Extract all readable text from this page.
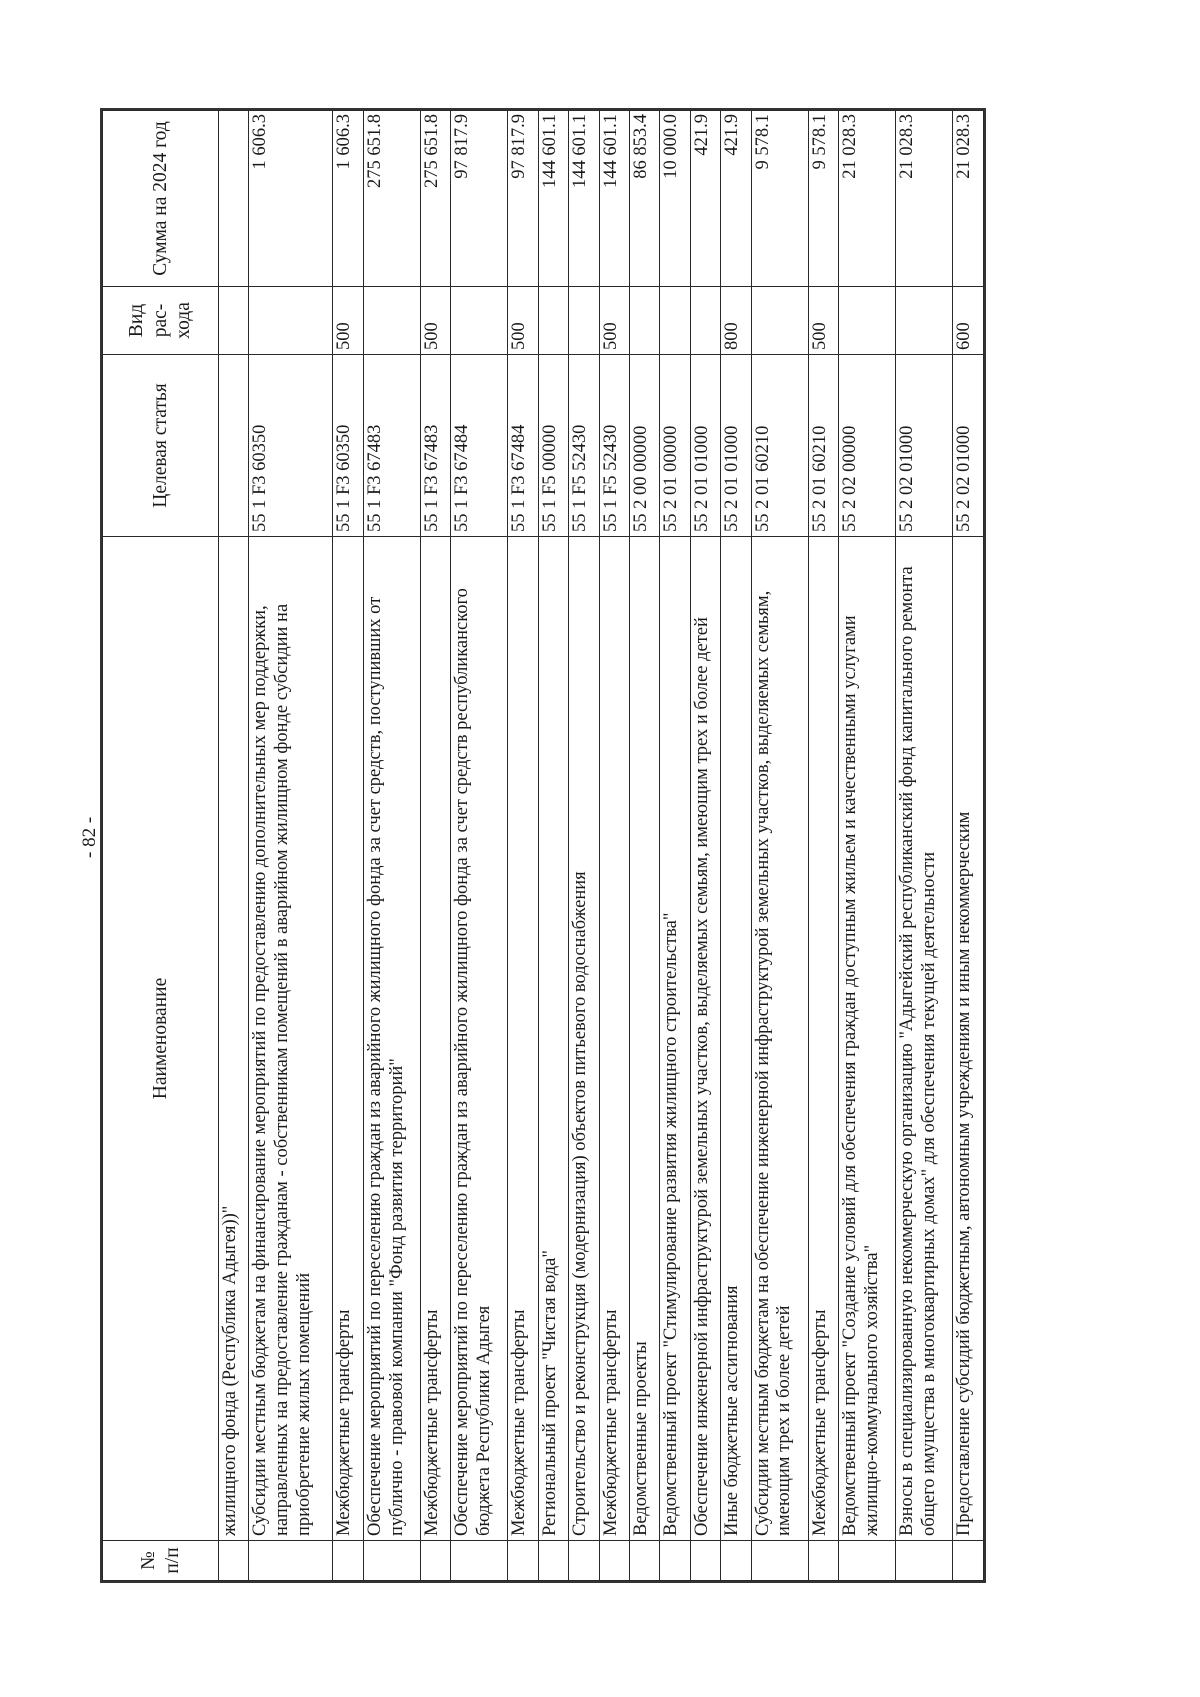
- 82 -
№ п/п	Наименование	Целевая статья	Вид рас-хода	Сумма на 2024 год
	жилищного фонда (Республика Адыгея))"			
	Субсидии местным бюджетам на финансирование мероприятий по предоставлению дополнительных мер поддержки, направленных на предоставление гражданам - собственникам помещений в аварийном жилищном фонде субсидии на приобретение жилых помещений	55 1 F3 60350		1 606.3
	Межбюджетные трансферты	55 1 F3 60350	500	1 606.3
	Обеспечение мероприятий по переселению граждан из аварийного жилищного фонда за счет средств, поступивших от публично - правовой компании "Фонд развития территорий"	55 1 F3 67483		275 651.8
	Межбюджетные трансферты	55 1 F3 67483	500	275 651.8
	Обеспечение мероприятий по переселению граждан из аварийного жилищного фонда за счет средств республиканского бюджета Республики Адыгея	55 1 F3 67484		97 817.9
	Межбюджетные трансферты	55 1 F3 67484	500	97 817.9
	Региональный проект "Чистая вода"	55 1 F5 00000		144 601.1
	Строительство и реконструкция (модернизация) объектов питьевого водоснабжения	55 1 F5 52430		144 601.1
	Межбюджетные трансферты	55 1 F5 52430	500	144 601.1
	Ведомственные проекты	55 2 00 00000		86 853.4
	Ведомственный проект "Стимулирование развития жилищного строительства"	55 2 01 00000		10 000.0
	Обеспечение инженерной инфраструктурой земельных участков, выделяемых семьям, имеющим трех и более детей	55 2 01 01000		421.9
	Иные бюджетные ассигнования	55 2 01 01000	800	421.9
	Субсидии местным бюджетам на обеспечение инженерной инфраструктурой земельных участков, выделяемых семьям, имеющим трех и более детей	55 2 01 60210		9 578.1
	Межбюджетные трансферты	55 2 01 60210	500	9 578.1
	Ведомственный проект "Создание условий для обеспечения граждан доступным жильем и качественными услугами жилищно-коммунального хозяйства"	55 2 02 00000		21 028.3
	Взносы в специализированную некоммерческую организацию "Адыгейский республиканский фонд капитального ремонта общего имущества в многоквартирных домах" для обеспечения текущей деятельности	55 2 02 01000		21 028.3
	Предоставление субсидий бюджетным, автономным учреждениям и иным некоммерческим	55 2 02 01000	600	21 028.3
